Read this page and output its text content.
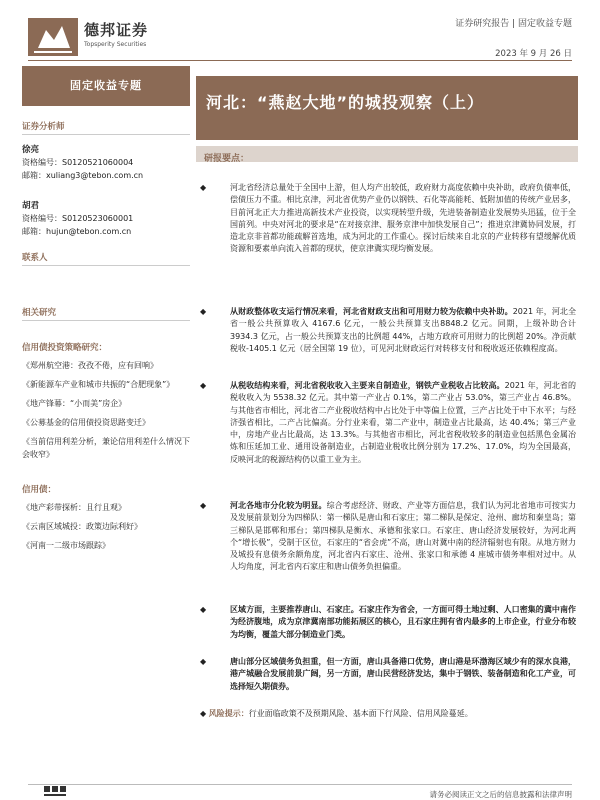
德邦证券
Topsperity Securities
证券研究报告 | 固定收益专题
2023 年 9 月 26 日
固定收益专题
证券分析师
徐亮
资格编号：S0120521060004
邮箱：xuliang3@tebon.com.cn
胡君
资格编号：S0120523060001
邮箱：hujun@tebon.com.cn
联系人
相关研究
信用债投资策略研究：
《郑州航空港：孜孜不倦，应有回响》
《新能源车产业和城市共振的“合肥现象”》
《地产锋幕：“小而美”房企》
《公募基金的信用债投资思路变迁》
《当前信用利差分析，兼论信用利差什么情况下会收窄》
信用债：
《地产彩带探析：且行且观》
《云南区域城投：政策边际利好》
《河南一二级市场跟踪》
河北：“燕赵大地”的城投观察（上）
研报要点：
◆	河北省经济总量处于全国中上游，但人均产出较低，政府财力高度依赖中央补助，政府负债率低，偿债压力不重。相比京津，河北省优势产业仍以钢铁、石化等高能耗、低附加值的传统产业居多，目前河北正大力推进高新技术产业投资，以实现转型升级，先进装备制造业发展势头迅猛，位于全国前列。中央对河北的要求是“在对接京津、服务京津中加快发展自己”；推进京津冀协同发展，打造北京非首都功能疏解首选地，成为河北的工作重心。探讨后续来自北京的产业转移有望缓解优质资源和要素单向流入首都的现状，使京津冀实现均衡发展。
◆	从财政整体收支运行情况来看，河北省财政支出和可用财力较为依赖中央补助。2021 年，河北全省一般公共预算收入 4167.6 亿元，一般公共预算支出8848.2 亿元。同期，上级补助合计 3934.3 亿元，占一般公共预算支出的比例超 44%，占地方政府可用财力的比例超 20%。净贡献税收-1405.1 亿元（居全国第 19 位），可见河北财政运行对转移支付和税收返还依赖程度高。
◆	从税收结构来看，河北省税收收入主要来自制造业，钢铁产业税收占比较高。2021 年，河北省的税收收入为 5538.32 亿元。其中第一产业占 0.1%，第二产业占 53.0%，第三产业占 46.8%。与其他省市相比，河北省二产业税收结构中占比处于中等偏上位置，三产占比处于中下水平；与经济强省相比，二产占比偏高。分行业来看，第二产业中，制造业占比最高，达 40.4%；第三产业中，房地产业占比最高，达 13.3%。与其他省市相比，河北省税收较多的制造业包括黑色金属冶炼和压延加工业、通用设备制造业，占制造业税收比例分别为 17.2%、17.0%，均为全国最高，反映河北的税源结构仍以重工业为主。
◆	河北各地市分化较为明显。综合考虑经济、财政、产业等方面信息，我们认为河北省地市可按实力及发展前景划分为四梯队：第一梯队是唐山和石家庄；第二梯队是保定、沧州、廊坊和秦皇岛；第三梯队是邯郸和邢台；第四梯队是衡水、承德和张家口。石家庄、唐山经济发展较好，为河北两个“增长极”，受制于区位，石家庄的“省会虎”不高，唐山对冀中南的经济辐射也有限。从地方财力及城投有息债务余额角度，河北省内石家庄、沧州、张家口和承德 4 座城市债务率相对过中。从人均角度，河北省内石家庄和唐山债务负担偏重。
◆	区域方面，主要推荐唐山、石家庄。石家庄作为省会，一方面可得土地过剩、人口密集的冀中南作为经济腹地，成为京津冀南部功能拓展区的核心，且石家庄拥有省内最多的上市企业，行业分布较为均衡，覆盖大部分制造业门类。
◆	唐山部分区域债务负担重，但一方面，唐山具备港口优势，唐山港是环渤海区域少有的深水良港，港产城融合发展前景广阔，另一方面，唐山民营经济发达，集中于钢铁、装备制造和化工产业，可选择短久期债券。
◆ 风险提示：行业面临政策不及预期风险、基本面下行风险、信用风险蔓延。
请务必阅读正文之后的信息披露和法律声明
